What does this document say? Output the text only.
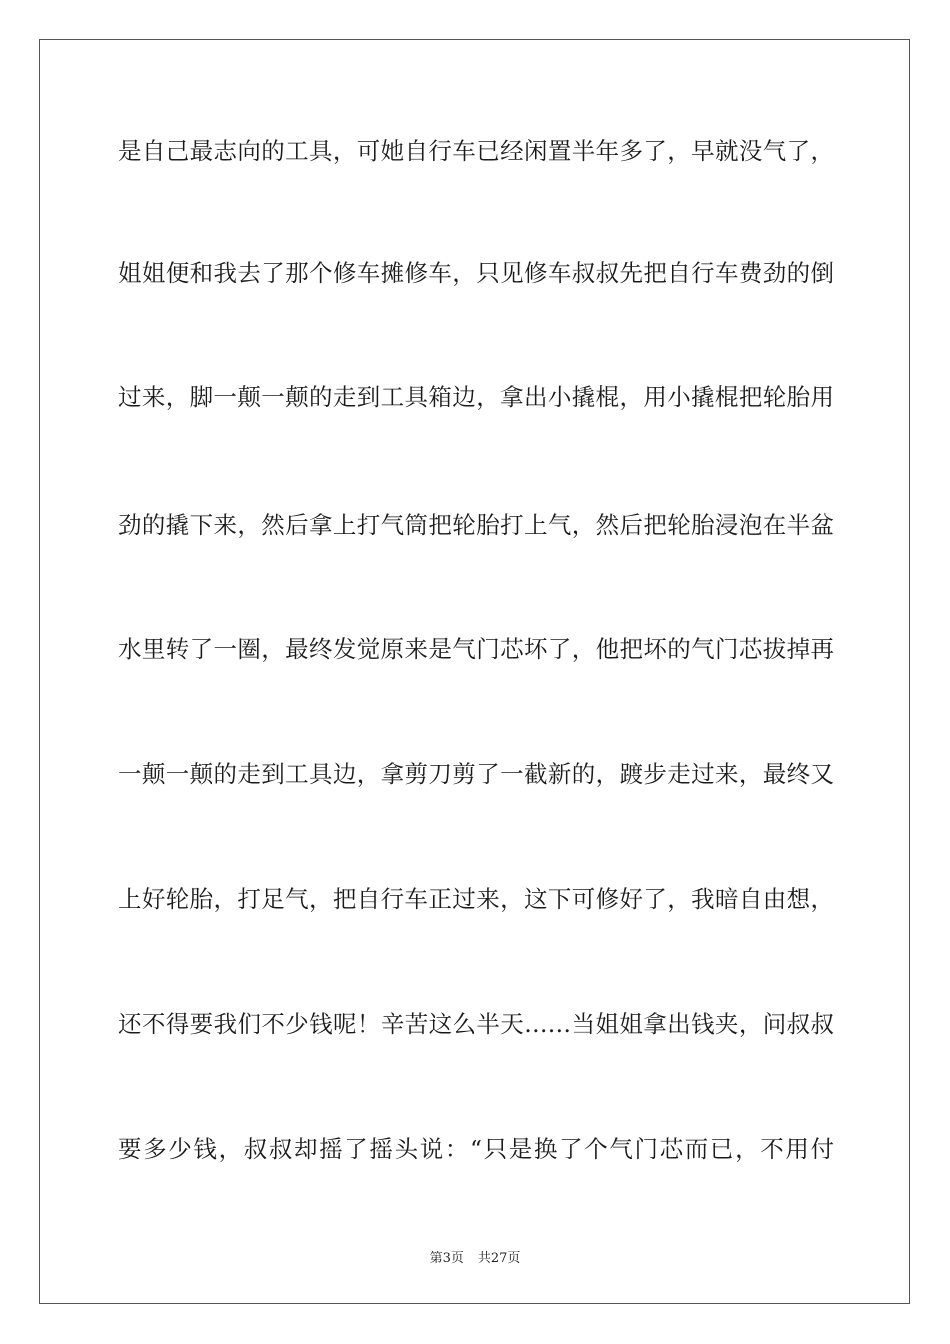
是自己最志向的工具，可她自行车已经闲置半年多了，早就没气了，
姐姐便和我去了那个修车摊修车，只见修车叔叔先把自行车费劲的倒
过来，脚一颠一颠的走到工具箱边，拿出小撬棍，用小撬棍把轮胎用
劲的撬下来，然后拿上打气筒把轮胎打上气，然后把轮胎浸泡在半盆
水里转了一圈，最终发觉原来是气门芯坏了，他把坏的气门芯拔掉再
一颠一颠的走到工具边，拿剪刀剪了一截新的，踱步走过来，最终又
上好轮胎，打足气，把自行车正过来，这下可修好了，我暗自由想，
还不得要我们不少钱呢！辛苦这么半天……当姐姐拿出钱夹，问叔叔
要多少钱，叔叔却摇了摇头说：“只是换了个气门芯而已，不用付
第3页 共27页
